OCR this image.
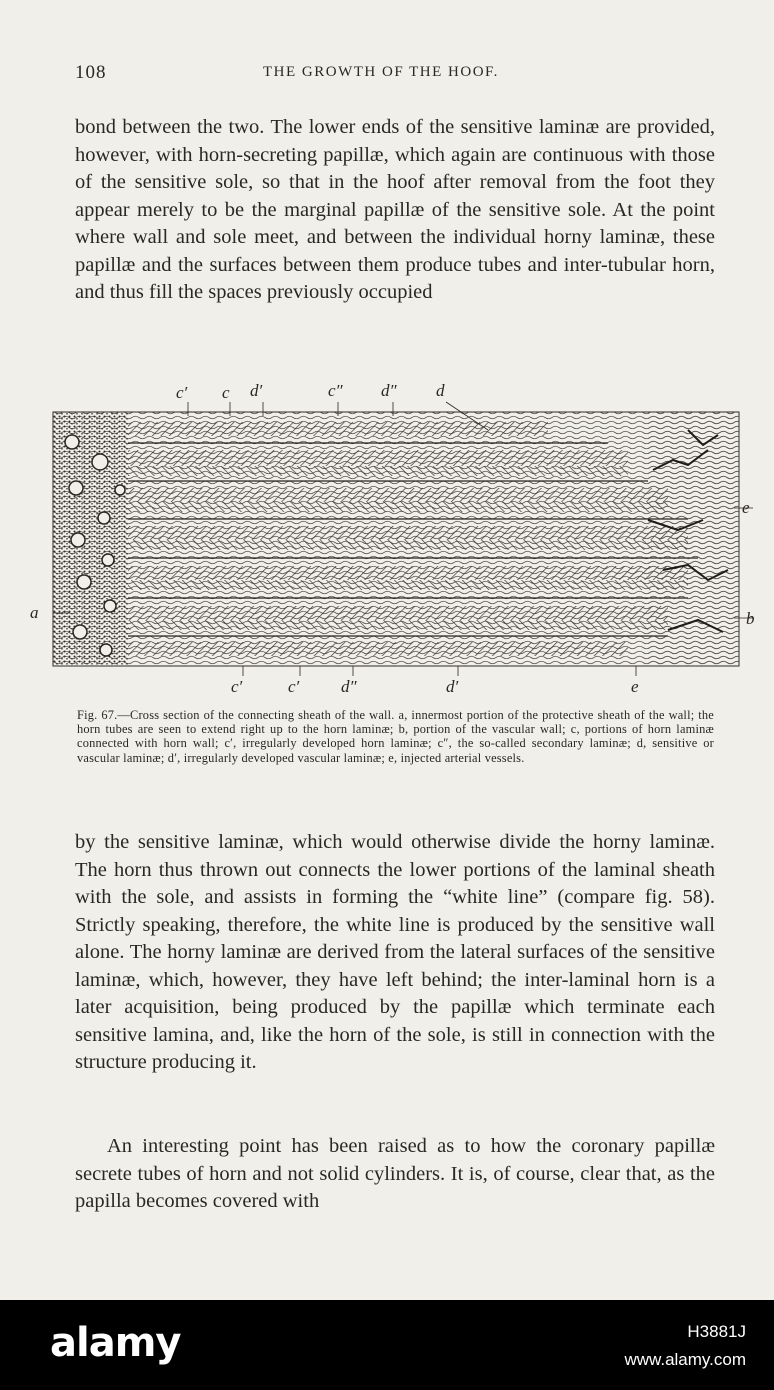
108	THE GROWTH OF THE HOOF.
bond between the two. The lower ends of the sensitive laminæ are provided, however, with horn-secreting papillæ, which again are continuous with those of the sensitive sole, so that in the hoof after removal from the foot they appear merely to be the marginal papillæ of the sensitive sole. At the point where wall and sole meet, and between the individual horny laminæ, these papillæ and the surfaces between them produce tubes and inter-tubular horn, and thus fill the spaces previously occupied
c′ c d′	c″ d″ d
c′	c′ d″	d′	e
a
e
b
Fig. 67.—Cross section of the connecting sheath of the wall. a, innermost portion of the protective sheath of the wall; the horn tubes are seen to extend right up to the horn laminæ; b, portion of the vascular wall; c, portions of horn laminæ connected with horn wall; c′, irregularly developed horn laminæ; c″, the so-called secondary laminæ; d, sensitive or vascular laminæ; d′, irregularly developed vascular laminæ; e, injected arterial vessels.
by the sensitive laminæ, which would otherwise divide the horny laminæ. The horn thus thrown out connects the lower portions of the laminal sheath with the sole, and assists in forming the “white line” (compare fig. 58). Strictly speaking, therefore, the white line is produced by the sensitive wall alone. The horny laminæ are derived from the lateral surfaces of the sensitive laminæ, which, however, they have left behind; the inter-laminal horn is a later acquisition, being produced by the papillæ which terminate each sensitive lamina, and, like the horn of the sole, is still in connection with the structure producing it.
An interesting point has been raised as to how the coronary papillæ secrete tubes of horn and not solid cylinders. It is, of course, clear that, as the papilla becomes covered with
alamy	H3881J
www.alamy.com
